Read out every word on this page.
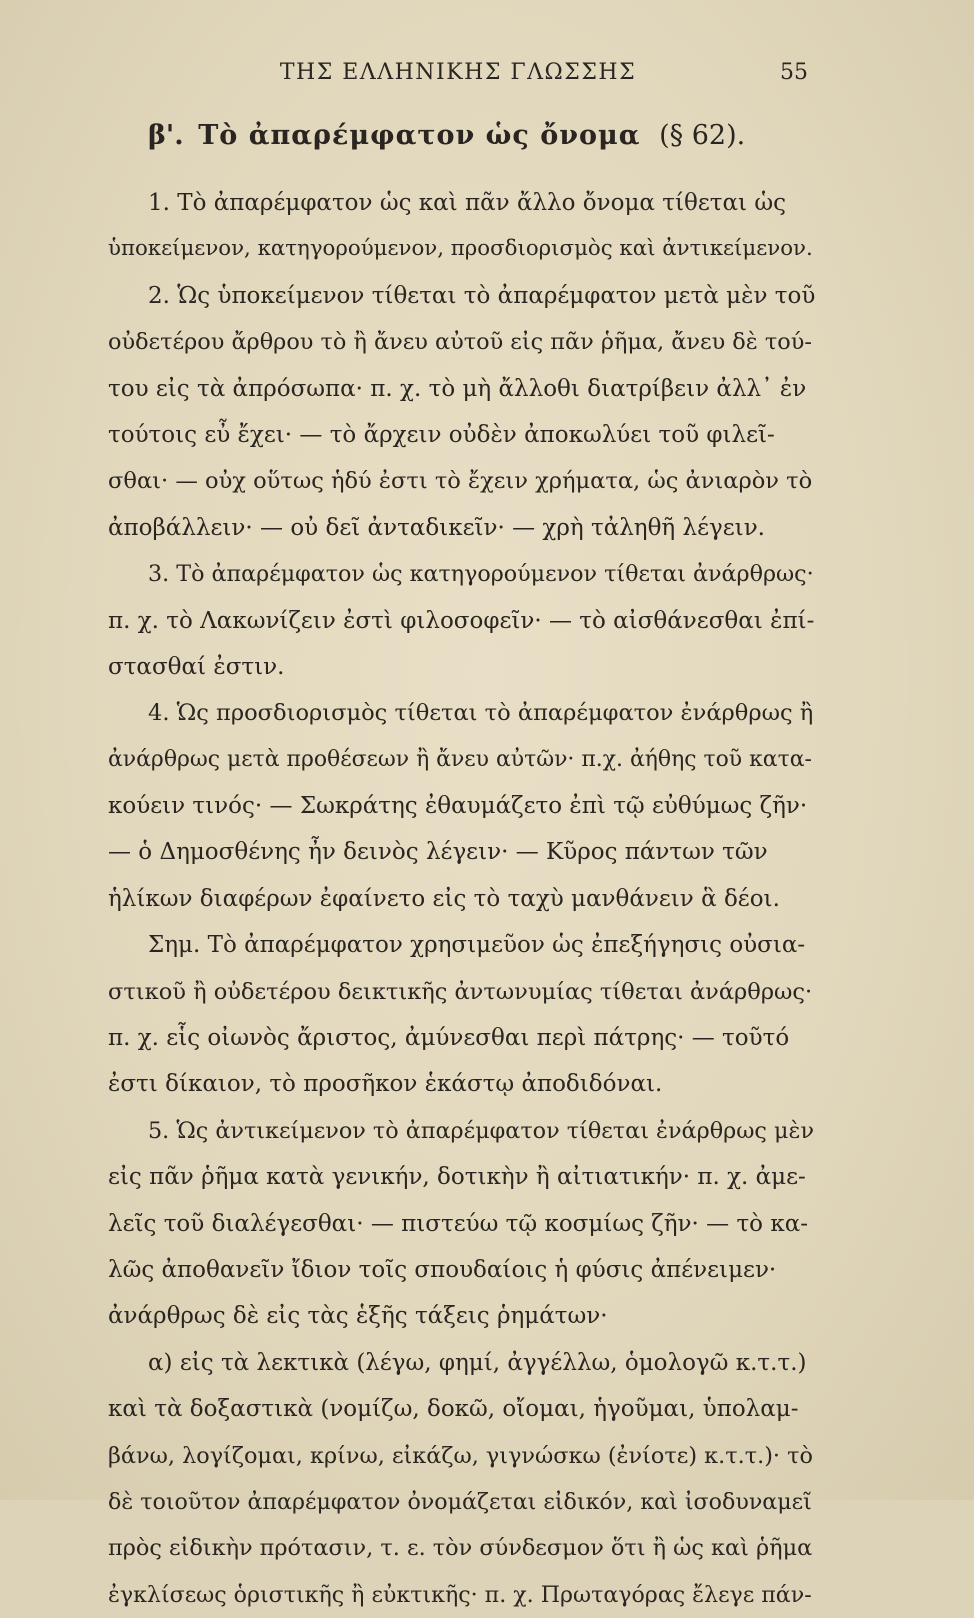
ΤΗΣ ΕΛΛΗΝΙΚΗΣ ΓΛΩΣΣΗΣ	55
β'. Τὸ ἀπαρέμφατον ὡς ὄνομα (§ 62).
1. Τὸ ἀπαρέμφατον ὡς καὶ πᾶν ἄλλο ὄνομα τίθεται ὡς
ὑποκείμενον, κατηγορούμενον, προσδιορισμὸς καὶ ἀντικείμενον.
2. Ὡς ὑποκείμενον τίθεται τὸ ἀπαρέμφατον μετὰ μὲν τοῦ
οὐδετέρου ἄρθρου τὸ ἢ ἄνευ αὐτοῦ εἰς πᾶν ῥῆμα, ἄνευ δὲ τού-
του εἰς τὰ ἀπρόσωπα· π. χ. τὸ μὴ ἄλλοθι διατρίβειν ἀλλ᾽ ἐν
τούτοις εὖ ἔχει· — τὸ ἄρχειν οὐδὲν ἀποκωλύει τοῦ φιλεῖ-
σθαι· — οὐχ οὕτως ἡδύ ἐστι τὸ ἔχειν χρήματα, ὡς ἀνιαρὸν τὸ
ἀποβάλλειν· — οὐ δεῖ ἀνταδικεῖν· — χρὴ τἀληθῆ λέγειν.
3. Τὸ ἀπαρέμφατον ὡς κατηγορούμενον τίθεται ἀνάρθρως·
π. χ. τὸ Λακωνίζειν ἐστὶ φιλοσοφεῖν· — τὸ αἰσθάνεσθαι ἐπί-
στασθαί ἐστιν.
4. Ὡς προσδιορισμὸς τίθεται τὸ ἀπαρέμφατον ἐνάρθρως ἢ
ἀνάρθρως μετὰ προθέσεων ἢ ἄνευ αὐτῶν· π.χ. ἀήθης τοῦ κατα-
κούειν τινός· — Σωκράτης ἐθαυμάζετο ἐπὶ τῷ εὐθύμως ζῆν·
— ὁ Δημοσθένης ἦν δεινὸς λέγειν· — Κῦρος πάντων τῶν
ἡλίκων διαφέρων ἐφαίνετο εἰς τὸ ταχὺ μανθάνειν ἃ δέοι.
Σημ. Τὸ ἀπαρέμφατον χρησιμεῦον ὡς ἐπεξήγησις οὐσια-
στικοῦ ἢ οὐδετέρου δεικτικῆς ἀντωνυμίας τίθεται ἀνάρθρως·
π. χ. εἷς οἰωνὸς ἄριστος, ἀμύνεσθαι περὶ πάτρης· — τοῦτό
ἐστι δίκαιον, τὸ προσῆκον ἑκάστῳ ἀποδιδόναι.
5. Ὡς ἀντικείμενον τὸ ἀπαρέμφατον τίθεται ἐνάρθρως μὲν
εἰς πᾶν ῥῆμα κατὰ γενικήν, δοτικὴν ἢ αἰτιατικήν· π. χ. ἀμε-
λεῖς τοῦ διαλέγεσθαι· — πιστεύω τῷ κοσμίως ζῆν· — τὸ κα-
λῶς ἀποθανεῖν ἴδιον τοῖς σπουδαίοις ἡ φύσις ἀπένειμεν·
ἀνάρθρως δὲ εἰς τὰς ἑξῆς τάξεις ῥημάτων·
α) εἰς τὰ λεκτικὰ (λέγω, φημί, ἀγγέλλω, ὁμολογῶ κ.τ.τ.)
καὶ τὰ δοξαστικὰ (νομίζω, δοκῶ, οἴομαι, ἡγοῦμαι, ὑπολαμ-
βάνω, λογίζομαι, κρίνω, εἰκάζω, γιγνώσκω (ἐνίοτε) κ.τ.τ.)· τὸ
δὲ τοιοῦτον ἀπαρέμφατον ὀνομάζεται εἰδικόν, καὶ ἰσοδυναμεῖ
πρὸς εἰδικὴν πρότασιν, τ. ε. τὸν σύνδεσμον ὅτι ἢ ὡς καὶ ῥῆμα
ἐγκλίσεως ὁριστικῆς ἢ εὐκτικῆς· π. χ. Πρωταγόρας ἔλεγε πάν-
